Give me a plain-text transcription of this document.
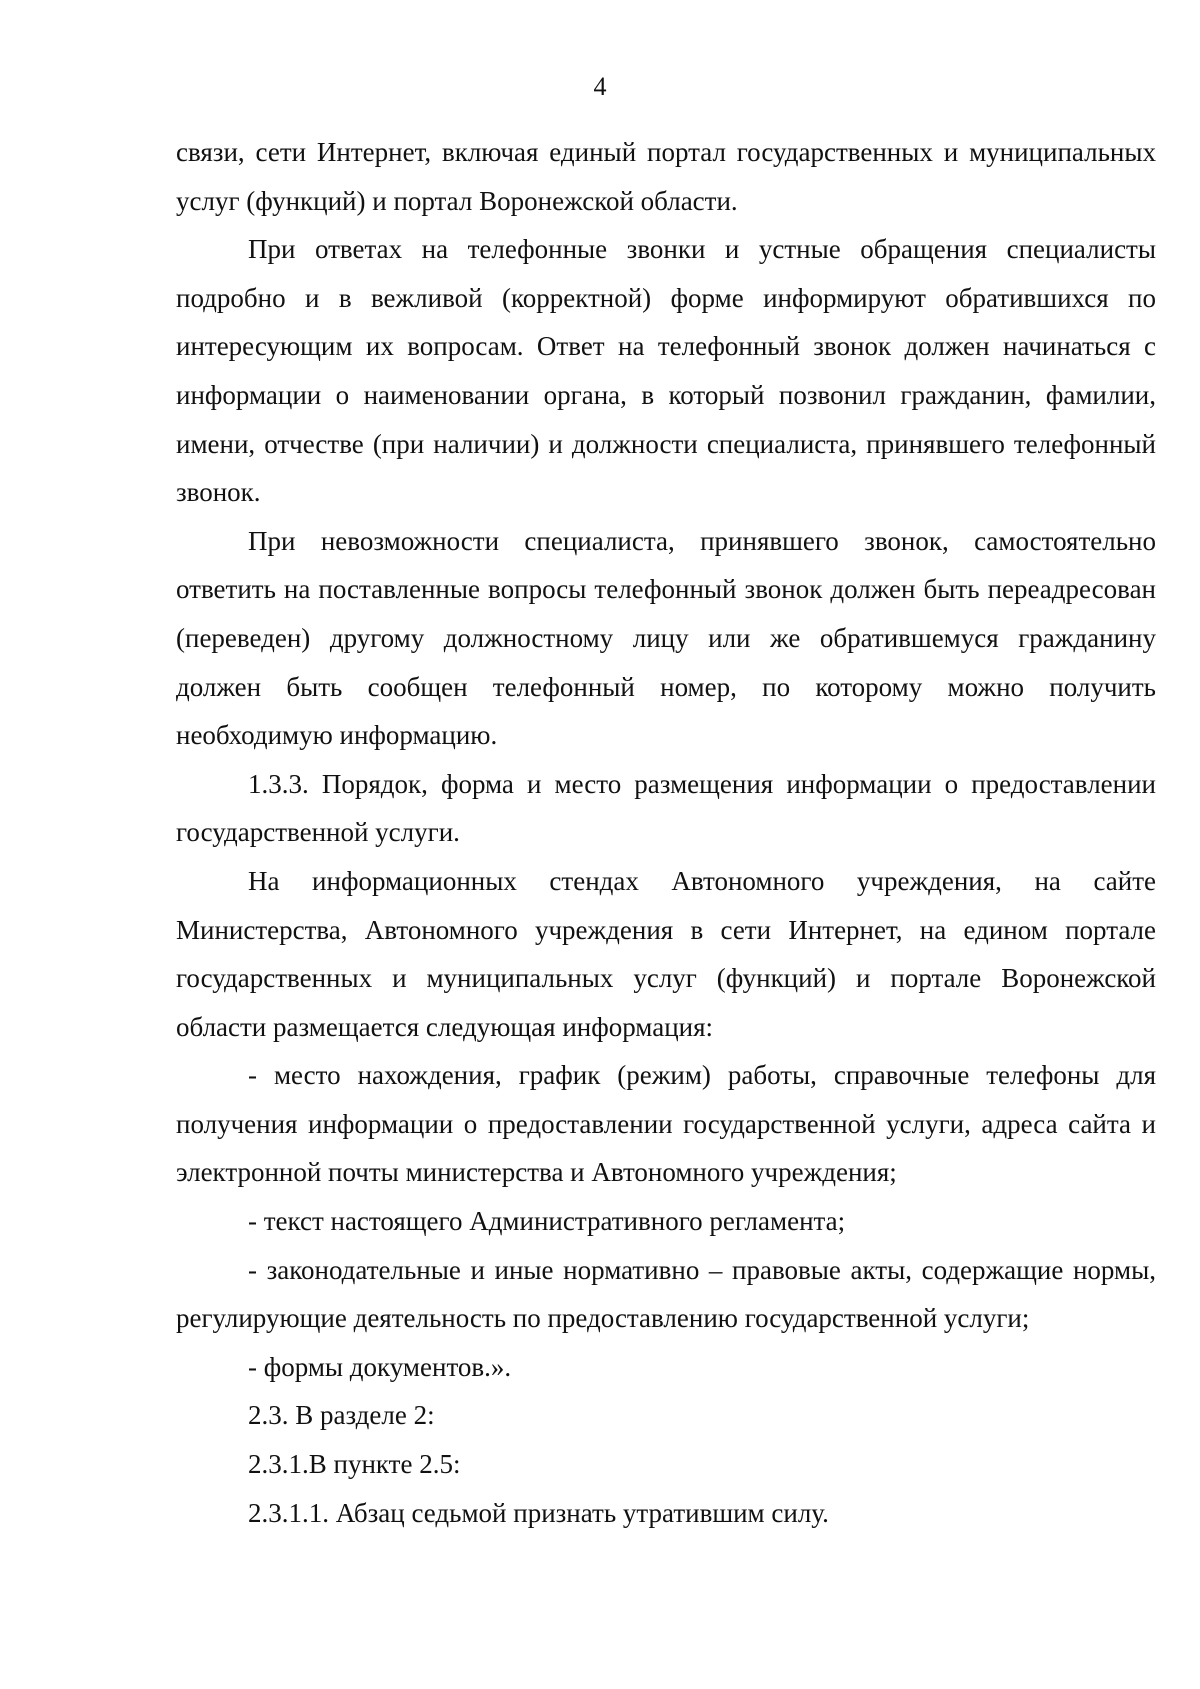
4

связи, сети Интернет, включая единый портал государственных и муниципальных услуг (функций) и портал Воронежской области.

При ответах на телефонные звонки и устные обращения специалисты подробно и в вежливой (корректной) форме информируют обратившихся по интересующим их вопросам. Ответ на телефонный звонок должен начинаться с информации о наименовании органа, в который позвонил гражданин, фамилии, имени, отчестве (при наличии) и должности специалиста, принявшего телефонный звонок.

При невозможности специалиста, принявшего звонок, самостоятельно ответить на поставленные вопросы телефонный звонок должен быть переадресован (переведен) другому должностному лицу или же обратившемуся гражданину должен быть сообщен телефонный номер, по которому можно получить необходимую информацию.

1.3.3. Порядок, форма и место размещения информации о предоставлении государственной услуги.

На информационных стендах Автономного учреждения, на сайте Министерства, Автономного учреждения в сети Интернет, на едином портале государственных и муниципальных услуг (функций) и портале Воронежской области размещается следующая информация:

- место нахождения, график (режим) работы, справочные телефоны для получения информации о предоставлении государственной услуги, адреса сайта и электронной почты министерства и Автономного учреждения;

- текст настоящего Административного регламента;

- законодательные и иные нормативно – правовые акты, содержащие нормы, регулирующие деятельность по предоставлению государственной услуги;

- формы документов.».

2.3. В разделе 2:

2.3.1.В пункте 2.5:

2.3.1.1. Абзац седьмой признать утратившим силу.
